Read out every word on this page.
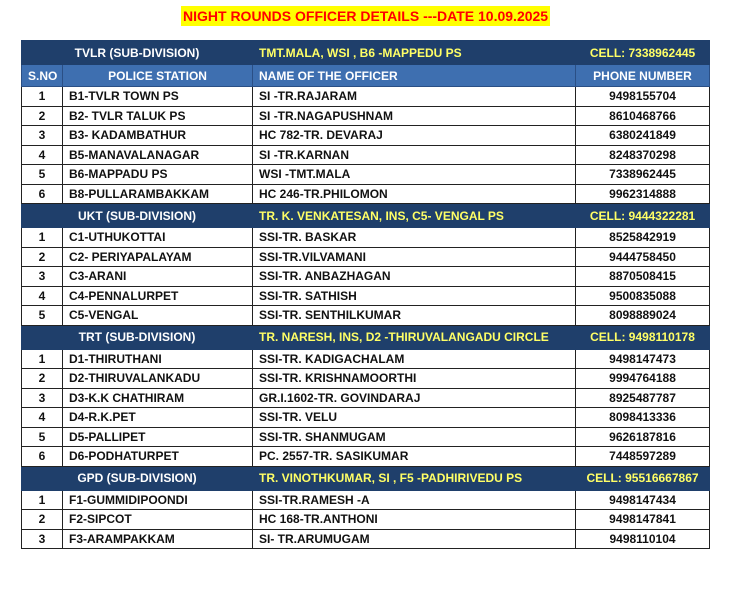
NIGHT ROUNDS OFFICER DETAILS ---DATE 10.09.2025
TVLR (SUB-DIVISION)		TMT.MALA, WSI , B6 -MAPPEDU PS	CELL: 7338962445
S.NO	POLICE STATION	NAME OF THE OFFICER	PHONE NUMBER
1	B1-TVLR TOWN PS	SI -TR.RAJARAM	9498155704
2	B2- TVLR TALUK PS	SI -TR.NAGAPUSHNAM	8610468766
3	B3- KADAMBATHUR	HC 782-TR. DEVARAJ	6380241849
4	B5-MANAVALANAGAR	SI -TR.KARNAN	8248370298
5	B6-MAPPADU PS	WSI -TMT.MALA	7338962445
6	B8-PULLARAMBAKKAM	HC 246-TR.PHILOMON	9962314888
UKT (SUB-DIVISION)		TR. K. VENKATESAN, INS, C5- VENGAL PS	CELL: 9444322281
1	C1-UTHUKOTTAI	SSI-TR. BASKAR	8525842919
2	C2- PERIYAPALAYAM	SSI-TR.VILVAMANI	9444758450
3	C3-ARANI	SSI-TR. ANBAZHAGAN	8870508415
4	C4-PENNALURPET	SSI-TR. SATHISH	9500835088
5	C5-VENGAL	SSI-TR. SENTHILKUMAR	8098889024
TRT (SUB-DIVISION)		TR. NARESH, INS, D2 -THIRUVALANGADU CIRCLE	CELL: 9498110178
1	D1-THIRUTHANI	SSI-TR. KADIGACHALAM	9498147473
2	D2-THIRUVALANKADU	SSI-TR. KRISHNAMOORTHI	9994764188
3	D3-K.K CHATHIRAM	GR.I.1602-TR. GOVINDARAJ	8925487787
4	D4-R.K.PET	SSI-TR. VELU	8098413336
5	D5-PALLIPET	SSI-TR. SHANMUGAM	9626187816
6	D6-PODHATURPET	PC. 2557-TR. SASIKUMAR	7448597289
GPD (SUB-DIVISION)		TR. VINOTHKUMAR, SI , F5 -PADHIRIVEDU PS	CELL: 95516667867
1	F1-GUMMIDIPOONDI	SSI-TR.RAMESH -A	9498147434
2	F2-SIPCOT	HC 168-TR.ANTHONI	9498147841
3	F3-ARAMPAKKAM	SI- TR.ARUMUGAM	9498110104
